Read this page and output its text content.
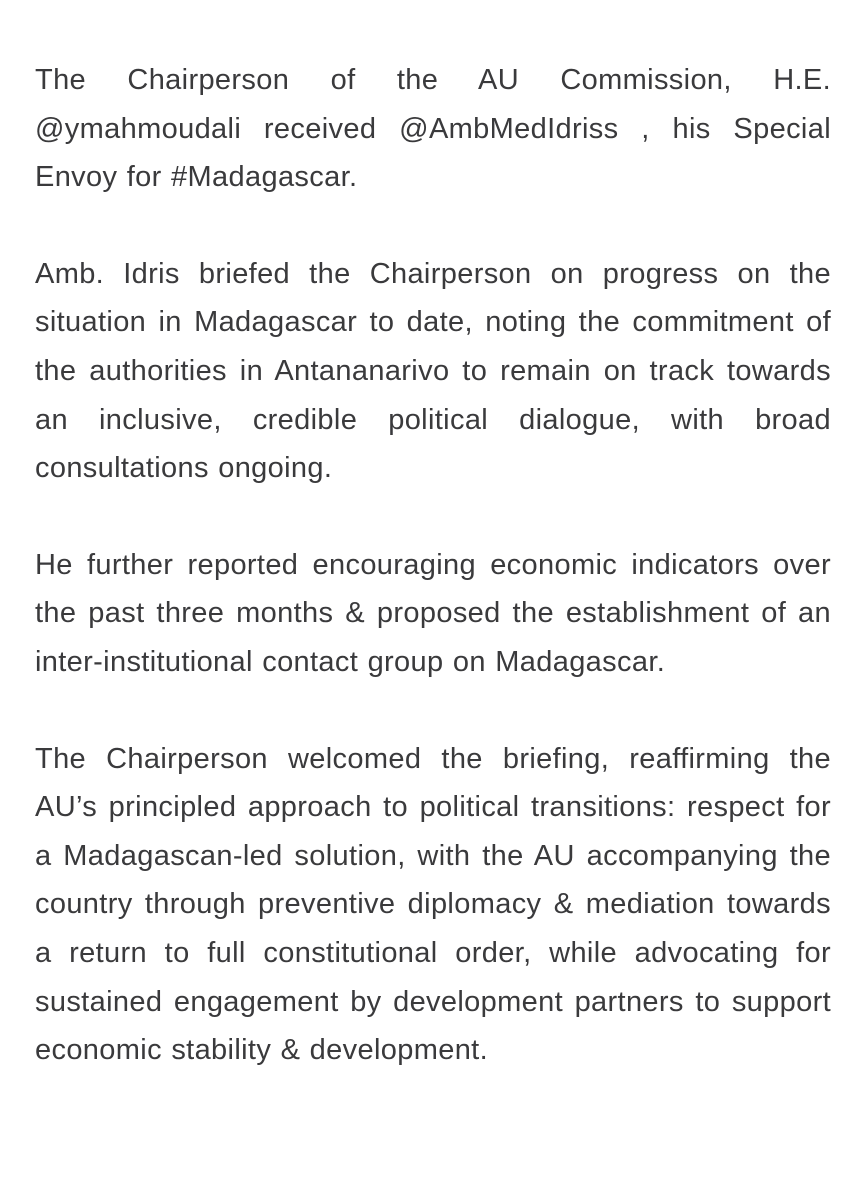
The Chairperson of the AU Commission, H.E. @ymahmoudali received @AmbMedIdriss , his Special Envoy for #Madagascar.

Amb. Idris briefed the Chairperson on progress on the situation in Madagascar to date, noting the commitment of the authorities in Antananarivo to remain on track towards an inclusive, credible political dialogue, with broad consultations ongoing.

He further reported encouraging economic indicators over the past three months & proposed the establishment of an inter-institutional contact group on Madagascar.

The Chairperson welcomed the briefing, reaffirming the AU’s principled approach to political transitions: respect for a Madagascan-led solution, with the AU accompanying the country through preventive diplomacy & mediation towards a return to full constitutional order, while advocating for sustained engagement by development partners to support economic stability & development.
